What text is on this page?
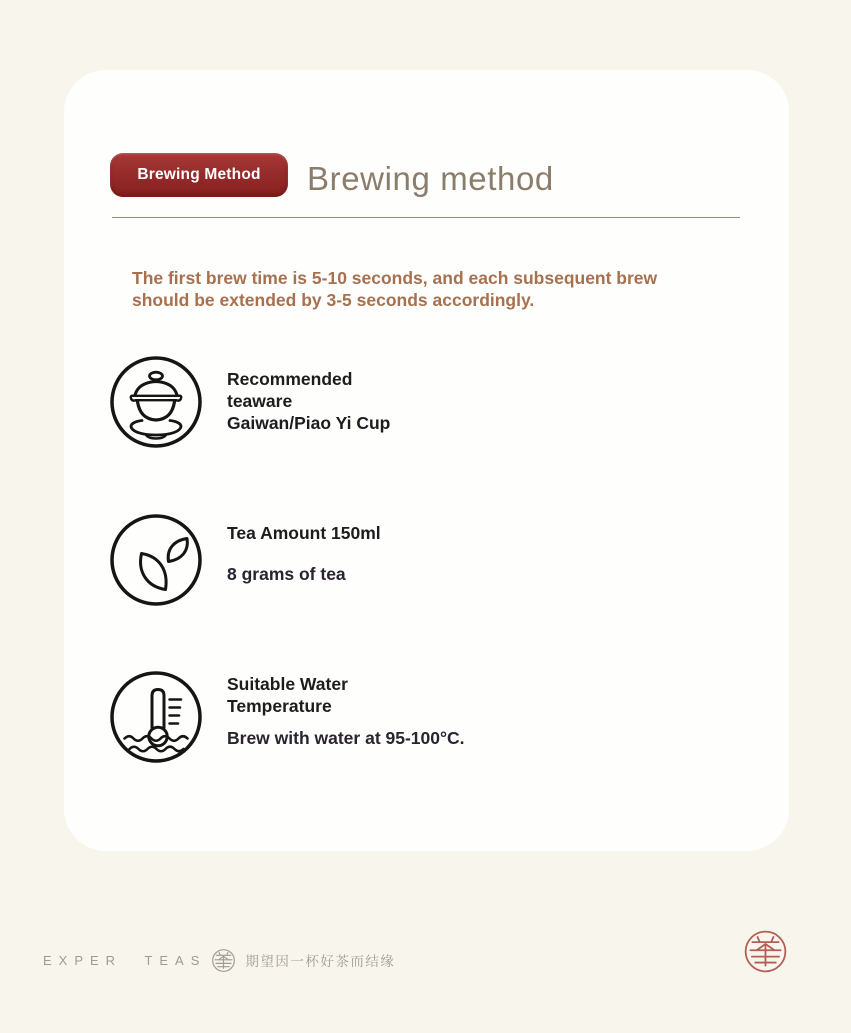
Brewing Method Brewing method

The first brew time is 5-10 seconds, and each subsequent brew should be extended by 3-5 seconds accordingly.

Recommended
teaware
Gaiwan/Piao Yi Cup
Tea Amount 150ml
8 grams of tea
Suitable Water
Temperature
Brew with water at 95-100°C.
EXPER TEAS	期望因一杯好茶而结缘
